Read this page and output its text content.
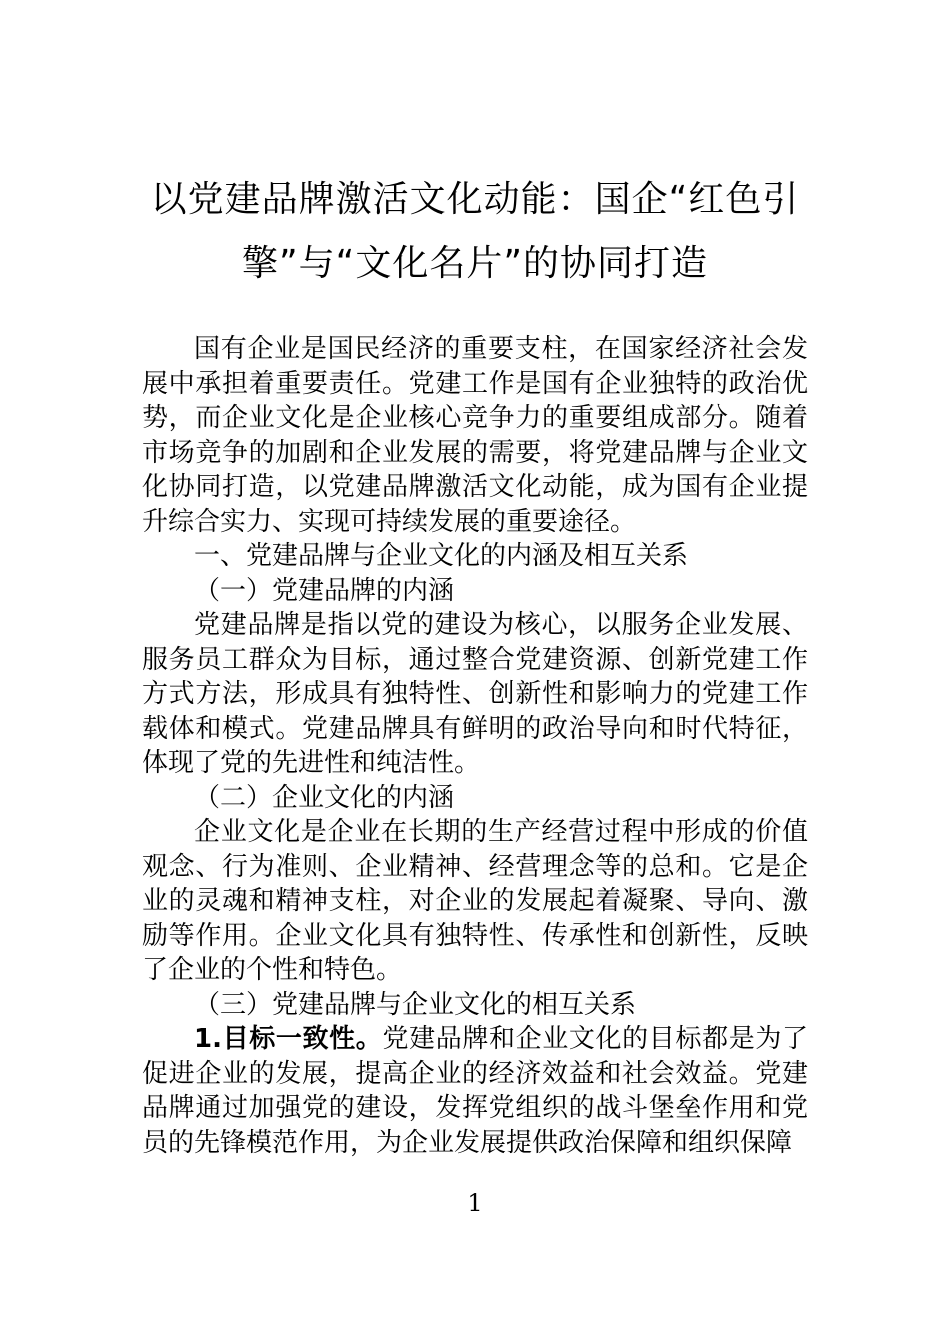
以党建品牌激活文化动能：国企“红色引擎”与“文化名片”的协同打造

国有企业是国民经济的重要支柱，在国家经济社会发展中承担着重要责任。党建工作是国有企业独特的政治优势，而企业文化是企业核心竞争力的重要组成部分。随着市场竞争的加剧和企业发展的需要，将党建品牌与企业文化协同打造，以党建品牌激活文化动能，成为国有企业提升综合实力、实现可持续发展的重要途径。

一、党建品牌与企业文化的内涵及相互关系

（一）党建品牌的内涵

党建品牌是指以党的建设为核心，以服务企业发展、服务员工群众为目标，通过整合党建资源、创新党建工作方式方法，形成具有独特性、创新性和影响力的党建工作载体和模式。党建品牌具有鲜明的政治导向和时代特征，体现了党的先进性和纯洁性。

（二）企业文化的内涵

企业文化是企业在长期的生产经营过程中形成的价值观念、行为准则、企业精神、经营理念等的总和。它是企业的灵魂和精神支柱，对企业的发展起着凝聚、导向、激励等作用。企业文化具有独特性、传承性和创新性，反映了企业的个性和特色。

（三）党建品牌与企业文化的相互关系

1.目标一致性。党建品牌和企业文化的目标都是为了促进企业的发展，提高企业的经济效益和社会效益。党建品牌通过加强党的建设，发挥党组织的战斗堡垒作用和党员的先锋模范作用，为企业发展提供政治保障和组织保障

1
